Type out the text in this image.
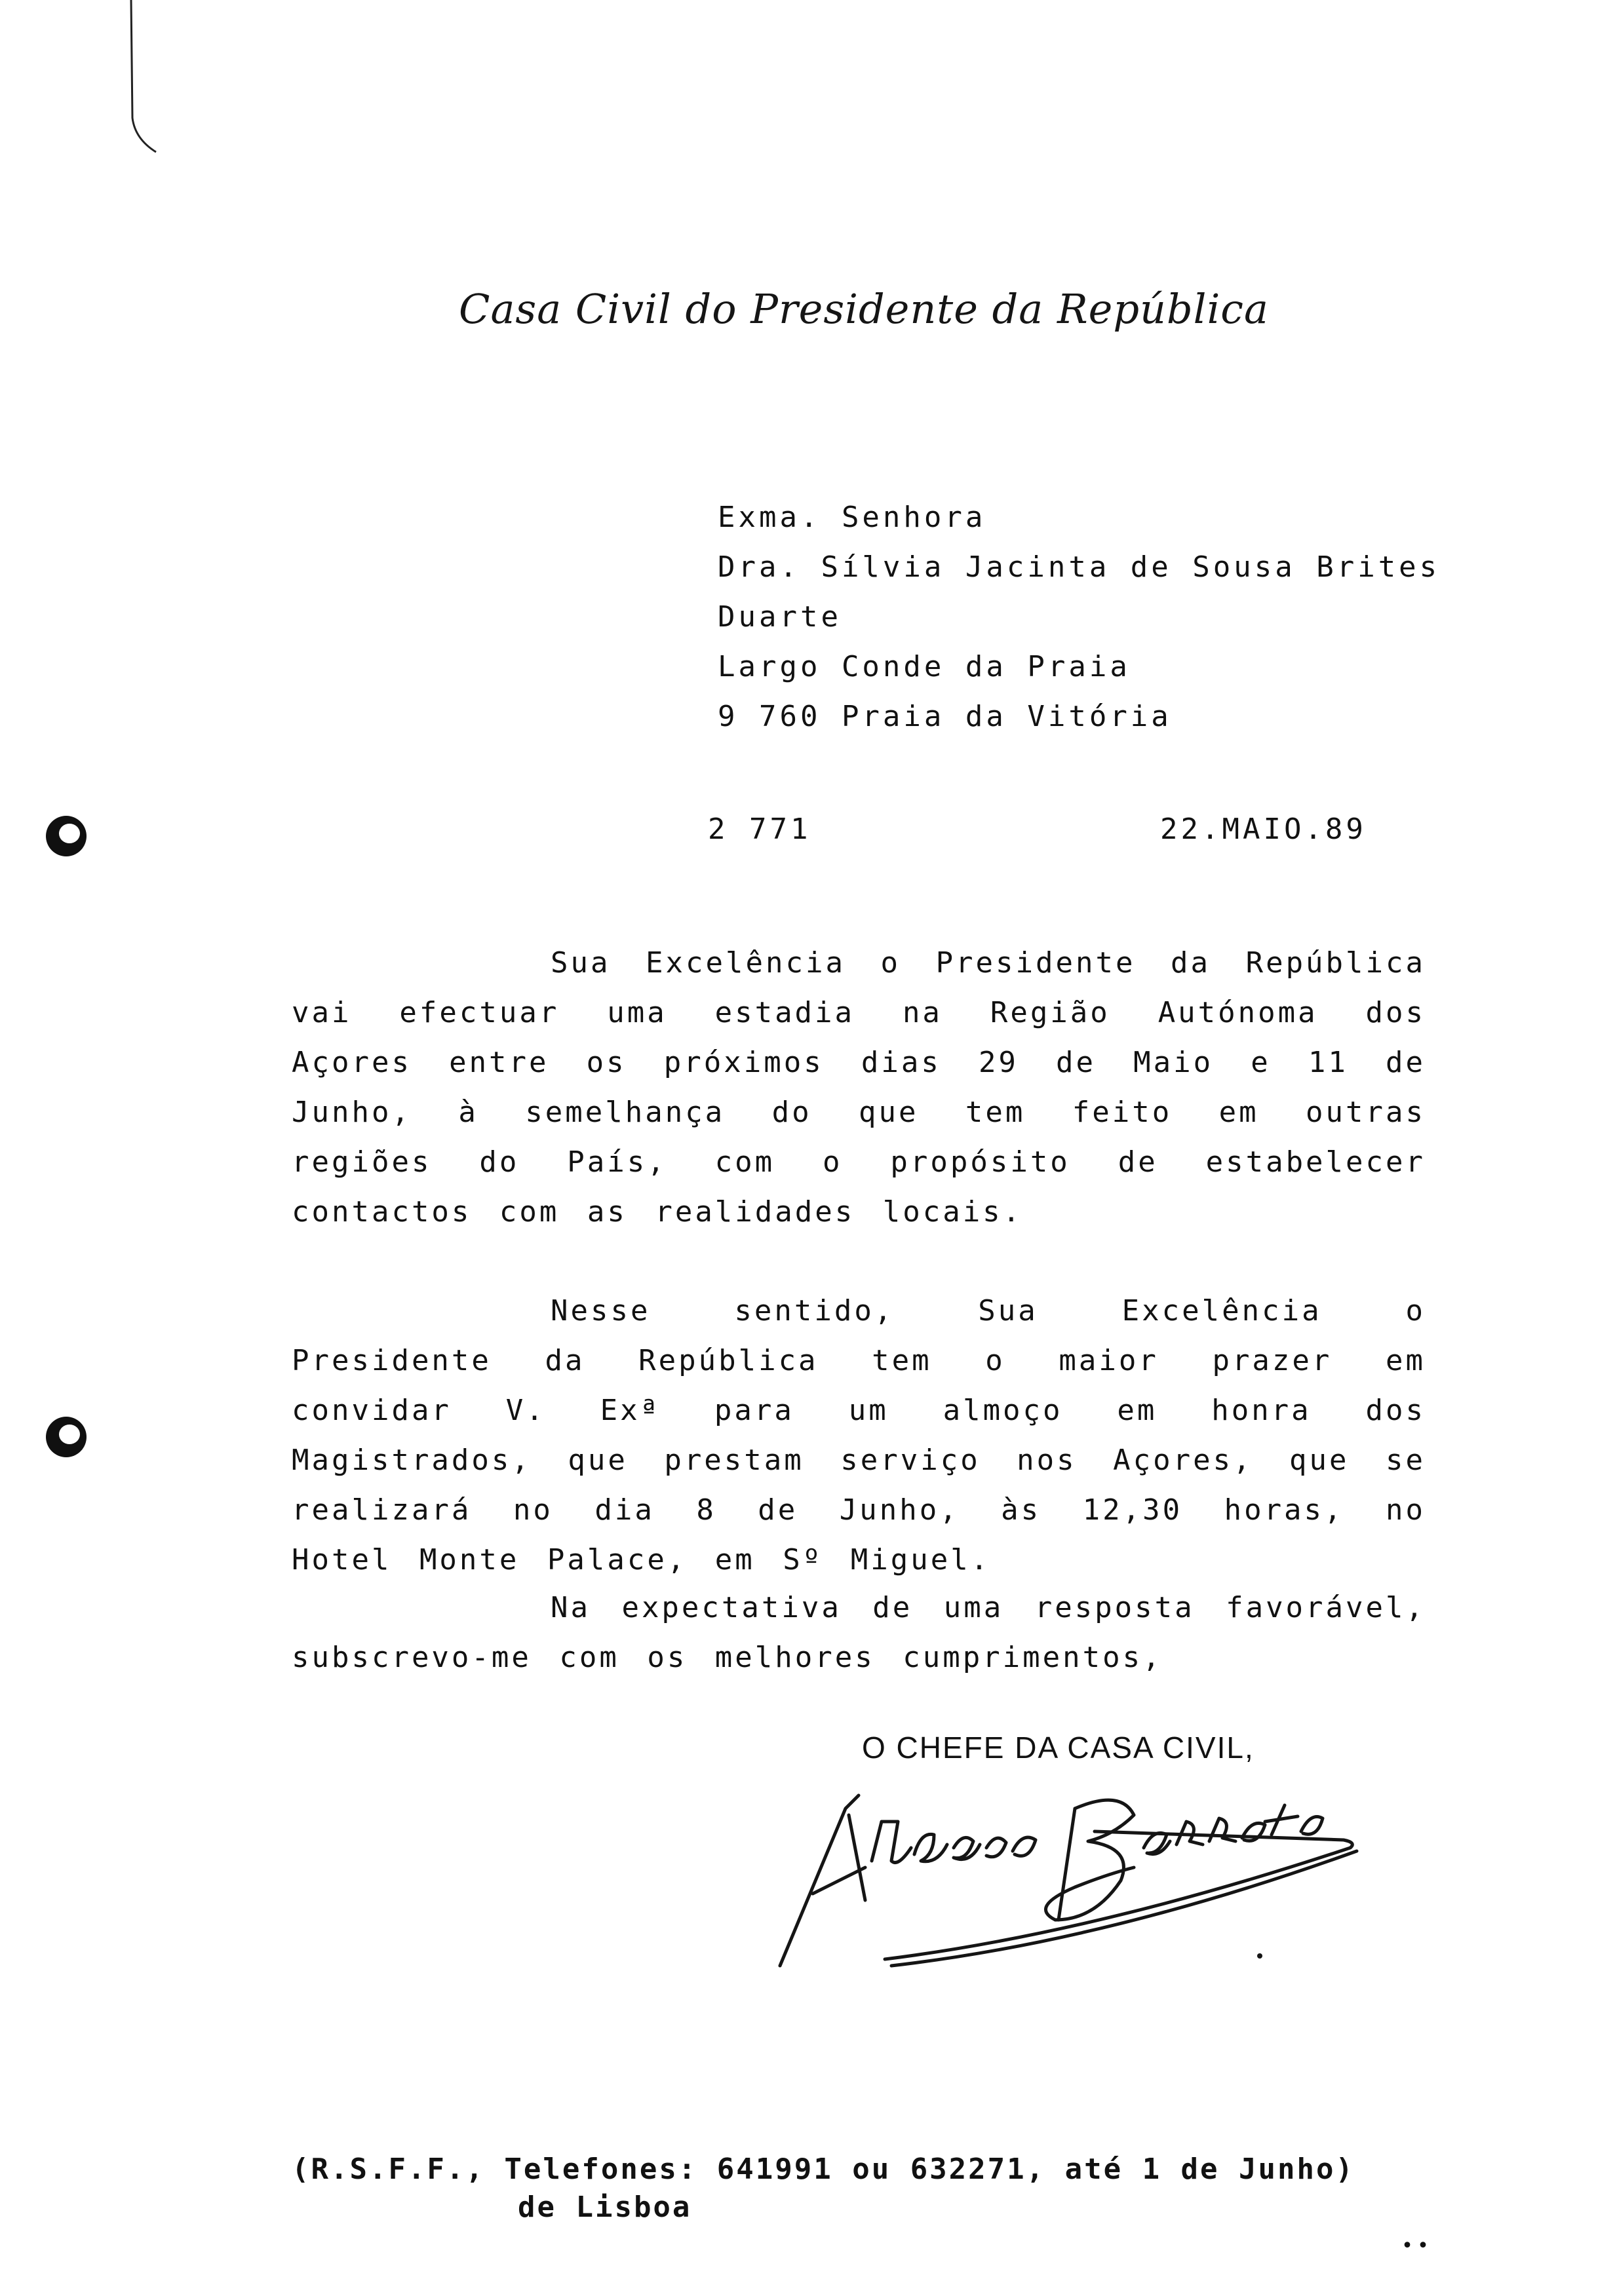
Casa Civil do Presidente da República
Exma. Senhora
Dra. Sílvia Jacinta de Sousa Brites
Duarte
Largo Conde da Praia
9 760 Praia da Vitória
2 771	22.MAIO.89
Sua Excelência o Presidente da República vai efectuar uma estadia na Região Autónoma dos Açores entre os próximos dias 29 de Maio e 11 de Junho, à semelhança do que tem feito em outras regiões do País, com o propósito de estabelecer contactos com as realidades locais.
Nesse sentido, Sua Excelência o Presidente da República tem o maior prazer em convidar V. Exª para um almoço em honra dos Magistrados, que prestam serviço nos Açores, que se realizará no dia 8 de Junho, às 12,30 horas, no Hotel Monte Palace, em Sº Miguel.
Na expectativa de uma resposta favorável, subscrevo-me com os melhores cumprimentos,
O CHEFE DA CASA CIVIL,
(R.S.F.F., Telefones: 641991 ou 632271, até 1 de Junho)
de Lisboa
••
